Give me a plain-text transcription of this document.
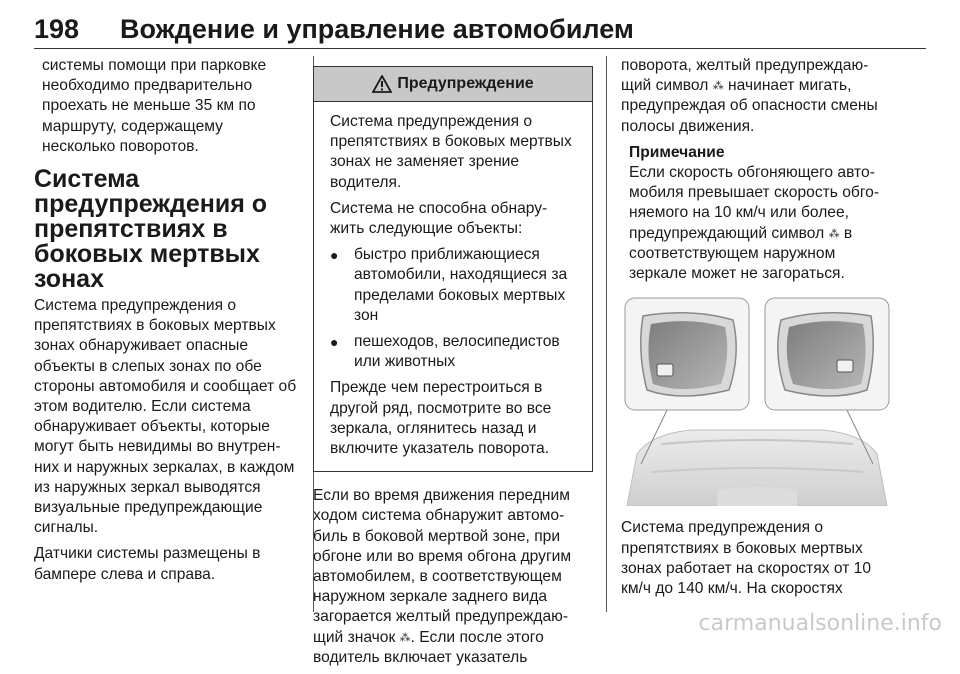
198 Вождение и управление автомобилем

системы помощи при парковке необходимо предварительно проехать не меньше 35 км по маршруту, содержащему несколько поворотов.

Система предупреждения о препятствиях в боковых мертвых зонах

Система предупреждения о препятствиях в боковых мертвых зонах обнаруживает опасные объекты в слепых зонах по обе стороны автомобиля и сообщает об этом водителю. Если система обнаруживает объекты, которые могут быть невидимы во внутренних и наружных зеркалах, в каждом из наружных зеркал выводятся визуальные предупреждающие сигналы.

Датчики системы размещены в бампере слева и справа.

Предупреждение

Система предупреждения о препятствиях в боковых мертвых зонах не заменяет зрение водителя.

Система не способна обнаружить следующие объекты:

● быстро приближающиеся автомобили, находящиеся за пределами боковых мертвых зон
● пешеходов, велосипедистов или животных

Прежде чем перестроиться в другой ряд, посмотрите во все зеркала, оглянитесь назад и включите указатель поворота.

Если во время движения передним ходом система обнаружит автомобиль в боковой мертвой зоне, при обгоне или во время обгона другим автомобилем, в соответствующем наружном зеркале заднего вида загорается желтый предупреждающий значок ⁂. Если после этого водитель включает указатель

поворота, желтый предупреждающий символ ⁂ начинает мигать, предупреждая об опасности смены полосы движения.

Примечание
Если скорость обгоняющего автомобиля превышает скорость обгоняемого на 10 км/ч или более, предупреждающий символ ⁂ в соответствующем наружном зеркале может не загораться.

Система предупреждения о препятствиях в боковых мертвых зонах работает на скоростях от 10 км/ч до 140 км/ч. На скоростях

carmanualsonline.info
